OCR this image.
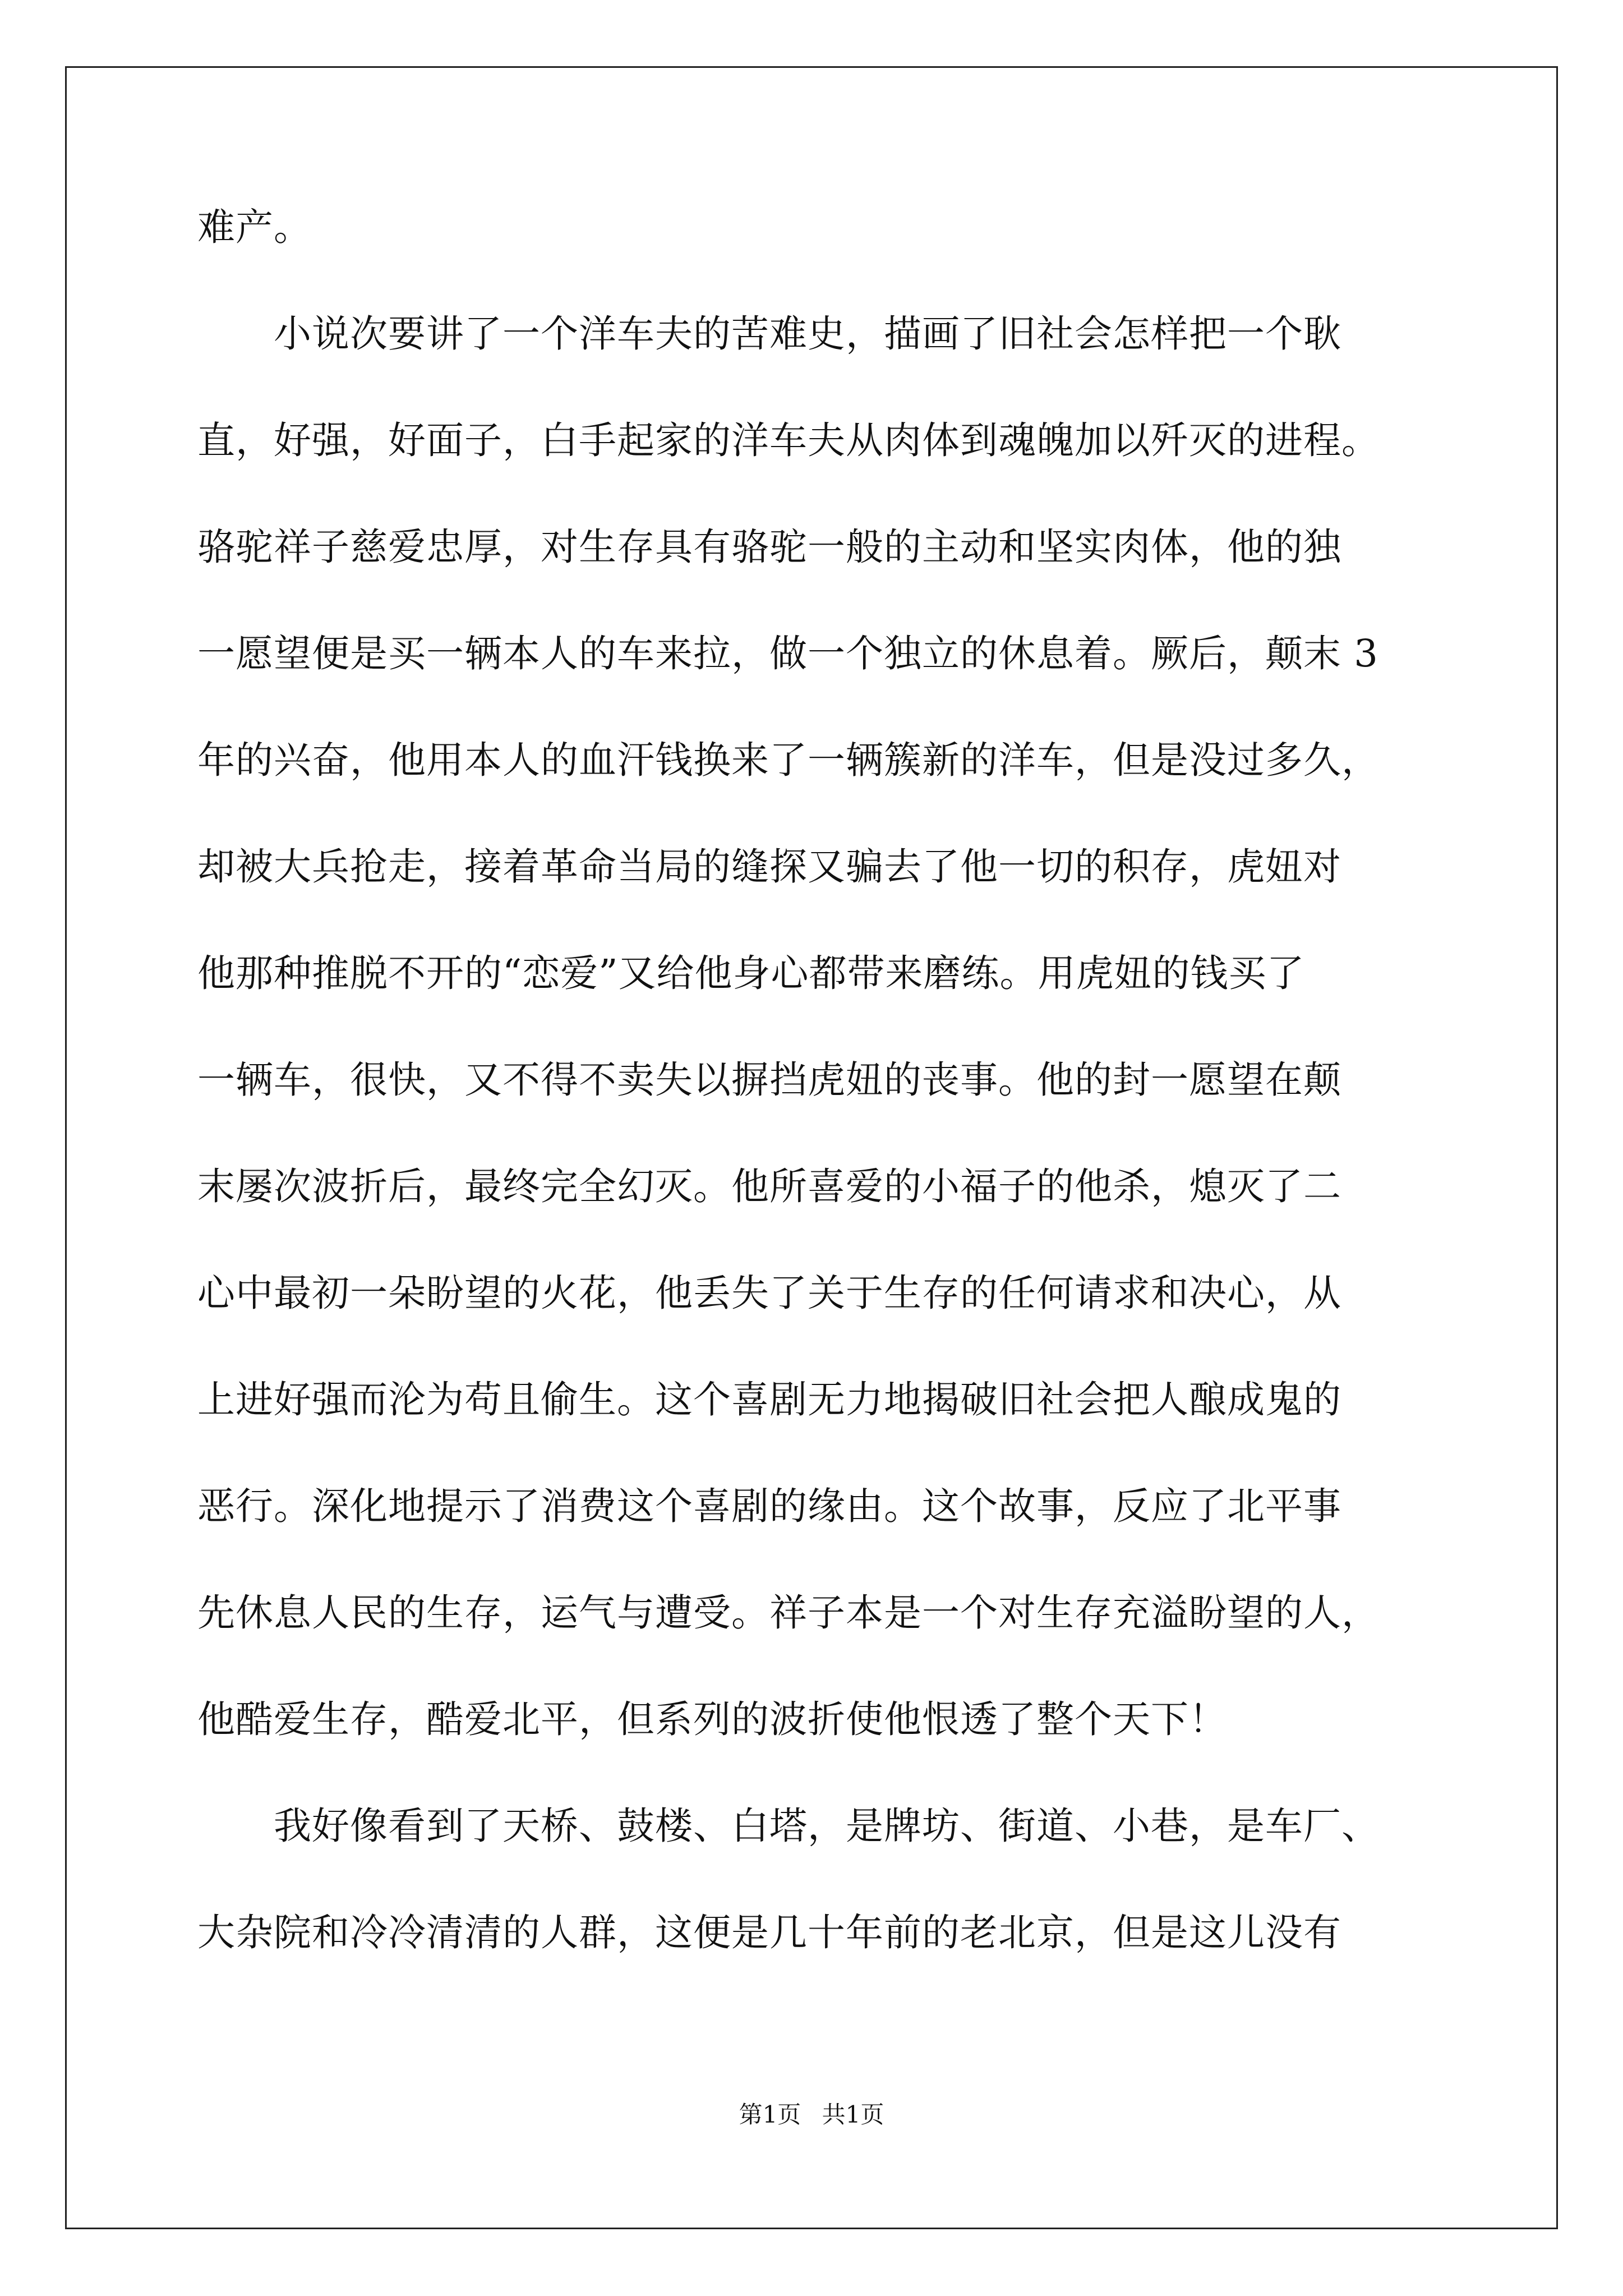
难产。
　　小说次要讲了一个洋车夫的苦难史，描画了旧社会怎样把一个耿
直，好强，好面子，白手起家的洋车夫从肉体到魂魄加以歼灭的进程。
骆驼祥子慈爱忠厚，对生存具有骆驼一般的主动和坚实肉体，他的独
一愿望便是买一辆本人的车来拉，做一个独立的休息着。厥后，颠末 3
年的兴奋，他用本人的血汗钱换来了一辆簇新的洋车，但是没过多久，
却被大兵抢走，接着革命当局的缝探又骗去了他一切的积存，虎妞对
他那种推脱不开的“恋爱”又给他身心都带来磨练。用虎妞的钱买了
一辆车，很快，又不得不卖失以摒挡虎妞的丧事。他的封一愿望在颠
末屡次波折后，最终完全幻灭。他所喜爱的小福子的他杀，熄灭了二
心中最初一朵盼望的火花，他丢失了关于生存的任何请求和决心，从
上进好强而沦为苟且偷生。这个喜剧无力地揭破旧社会把人酿成鬼的
恶行。深化地提示了消费这个喜剧的缘由。这个故事，反应了北平事
先休息人民的生存，运气与遭受。祥子本是一个对生存充溢盼望的人，
他酷爱生存，酷爱北平，但系列的波折使他恨透了整个天下！
　　我好像看到了天桥、鼓楼、白塔，是牌坊、街道、小巷，是车厂、
大杂院和冷冷清清的人群，这便是几十年前的老北京，但是这儿没有
第1页 共1页
